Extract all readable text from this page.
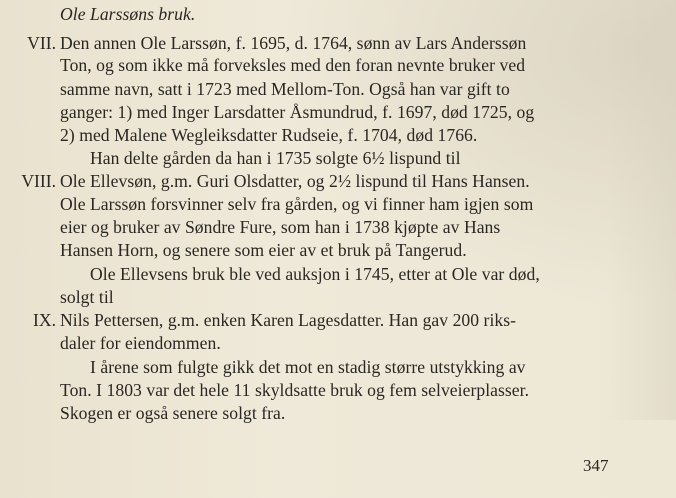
Ole Larssøns bruk.
VII. Den annen Ole Larssøn, f. 1695, d. 1764, sønn av Lars Anderssøn
Ton, og som ikke må forveksles med den foran nevnte bruker ved
samme navn, satt i 1723 med Mellom-Ton. Også han var gift to
ganger: 1) med Inger Larsdatter Åsmundrud, f. 1697, død 1725, og
2) med Malene Wegleiksdatter Rudseie, f. 1704, død 1766.
Han delte gården da han i 1735 solgte 6½ lispund til
VIII. Ole Ellevsøn, g.m. Guri Olsdatter, og 2½ lispund til Hans Hansen.
Ole Larssøn forsvinner selv fra gården, og vi finner ham igjen som
eier og bruker av Søndre Fure, som han i 1738 kjøpte av Hans
Hansen Horn, og senere som eier av et bruk på Tangerud.
Ole Ellevsens bruk ble ved auksjon i 1745, etter at Ole var død,
solgt til
IX. Nils Pettersen, g.m. enken Karen Lagesdatter. Han gav 200 riks-
daler for eiendommen.
I årene som fulgte gikk det mot en stadig større utstykking av
Ton. I 1803 var det hele 11 skyldsatte bruk og fem selveierplasser.
Skogen er også senere solgt fra.
347
